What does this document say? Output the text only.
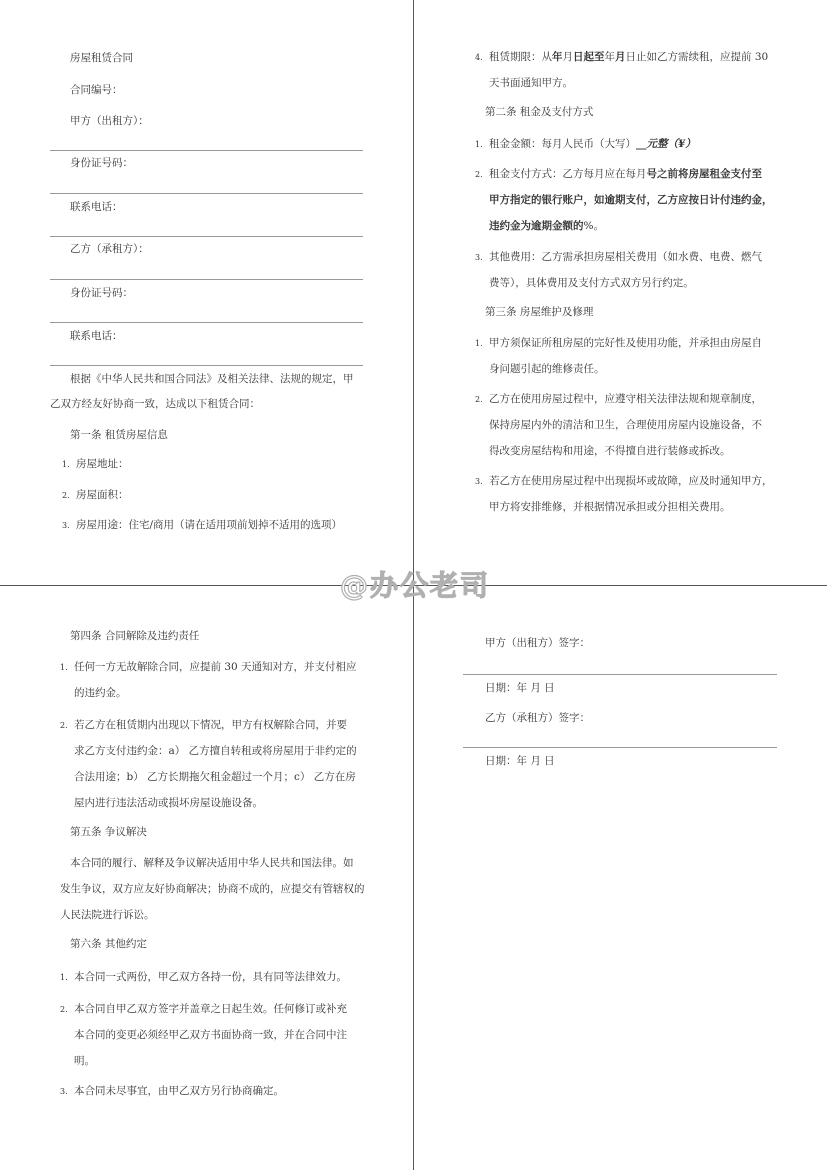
房屋租赁合同
合同编号：
甲方（出租方）：
身份证号码：
联系电话：
乙方（承租方）：
身份证号码：
联系电话：
根据《中华人民共和国合同法》及相关法律、法规的规定，甲
乙双方经友好协商一致，达成以下租赁合同：
第一条 租赁房屋信息
1. 房屋地址：
2. 房屋面积：
3. 房屋用途：住宅/商用（请在适用项前划掉不适用的选项）
4. 租赁期限：从年月日起至年月日止如乙方需续租，应提前 30
天书面通知甲方。
第二条 租金及支付方式
1. 租金金额：每月人民币（大写）__元整（¥）
2. 租金支付方式：乙方每月应在每月号之前将房屋租金支付至
甲方指定的银行账户，如逾期支付，乙方应按日计付违约金，
违约金为逾期金额的%。
3. 其他费用：乙方需承担房屋相关费用（如水费、电费、燃气
费等），具体费用及支付方式双方另行约定。
第三条 房屋维护及修理
1. 甲方须保证所租房屋的完好性及使用功能，并承担由房屋自
身问题引起的维修责任。
2. 乙方在使用房屋过程中，应遵守相关法律法规和规章制度，
保持房屋内外的清洁和卫生，合理使用房屋内设施设备，不
得改变房屋结构和用途，不得擅自进行装修或拆改。
3. 若乙方在使用房屋过程中出现损坏或故障，应及时通知甲方，
甲方将安排维修，并根据情况承担或分担相关费用。
@办公老司
第四条 合同解除及违约责任
1. 任何一方无故解除合同，应提前 30 天通知对方，并支付相应
的违约金。
2. 若乙方在租赁期内出现以下情况，甲方有权解除合同，并要
求乙方支付违约金：a） 乙方擅自转租或将房屋用于非约定的
合法用途；b） 乙方长期拖欠租金超过一个月；c） 乙方在房
屋内进行违法活动或损坏房屋设施设备。
第五条 争议解决
本合同的履行、解释及争议解决适用中华人民共和国法律。如
发生争议，双方应友好协商解决；协商不成的，应提交有管辖权的
人民法院进行诉讼。
第六条 其他约定
1. 本合同一式两份，甲乙双方各持一份，具有同等法律效力。
2. 本合同自甲乙双方签字并盖章之日起生效。任何修订或补充
本合同的变更必须经甲乙双方书面协商一致，并在合同中注
明。
3. 本合同未尽事宜，由甲乙双方另行协商确定。
甲方（出租方）签字：
日期：年 月 日
乙方（承租方）签字：
日期：年 月 日
